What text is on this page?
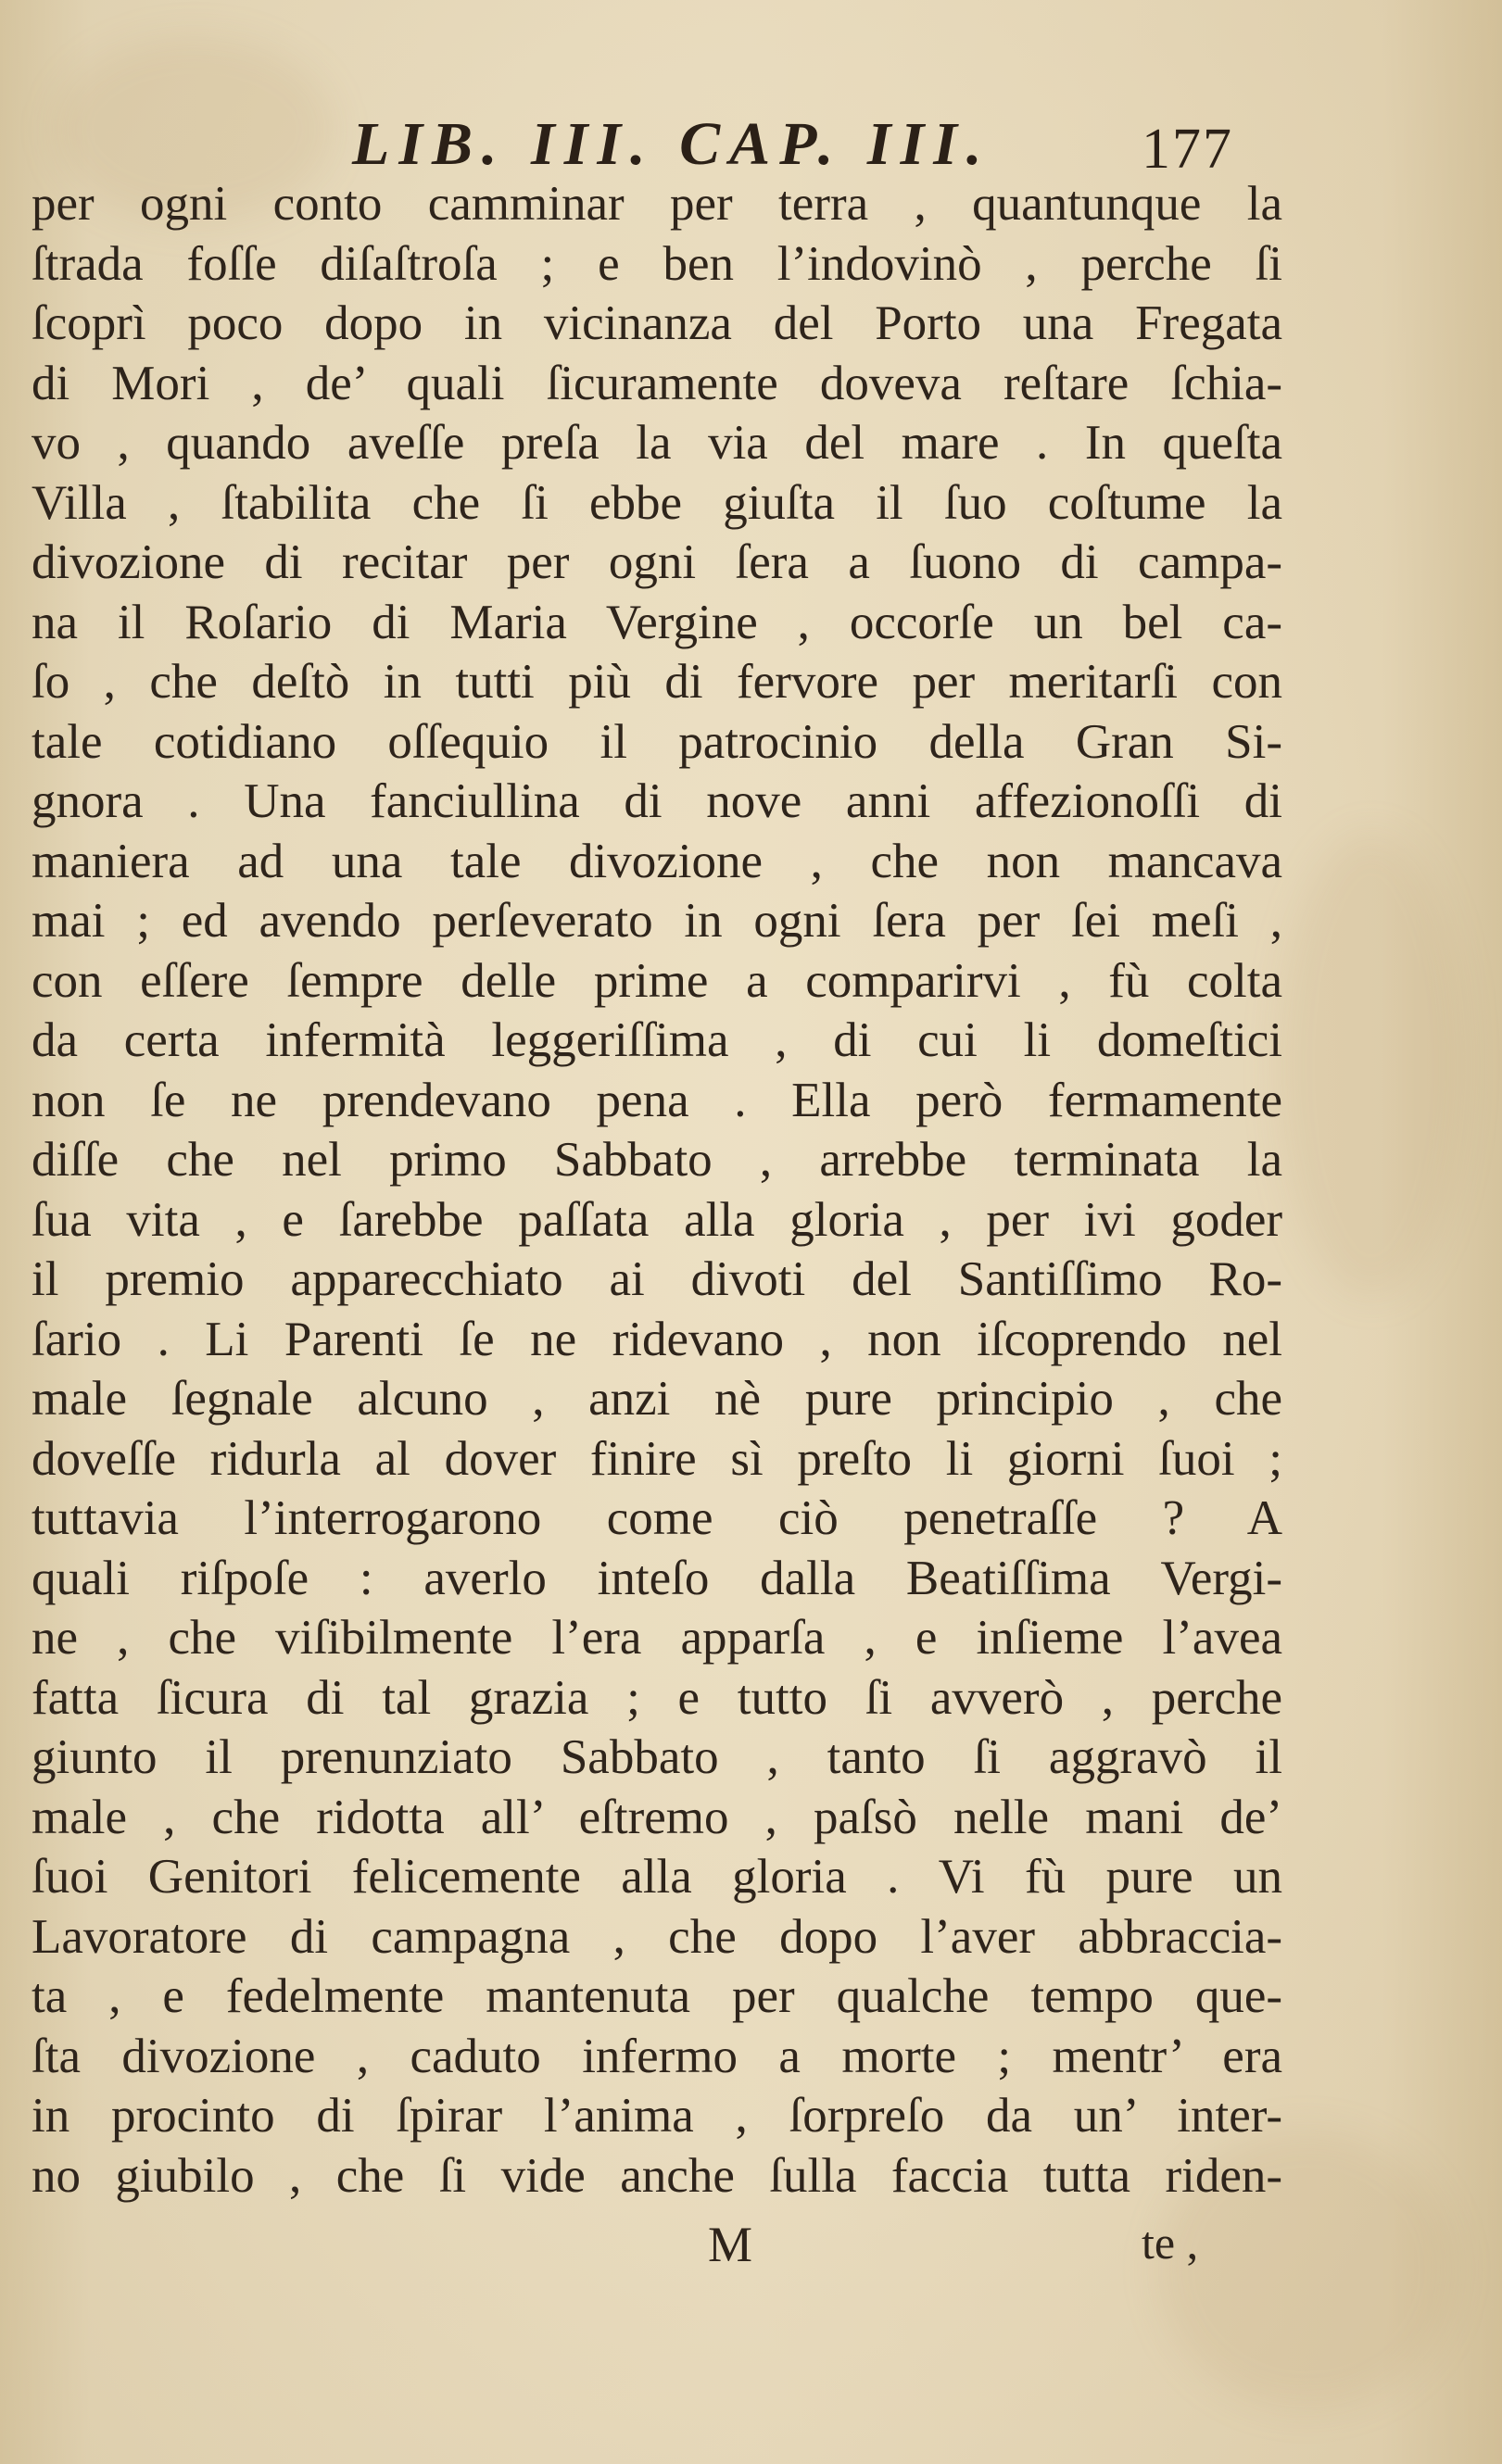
LIB. III. CAP. III.	177
per ogni conto camminar per terra , quantunque la
ſtrada foſſe diſaſtroſa ; e ben l’indovinò , perche ſi
ſcoprì poco dopo in vicinanza del Porto una Fregata
di Mori , de’ quali ſicuramente doveva reſtare ſchia-
vo , quando aveſſe preſa la via del mare . In queſta
Villa , ſtabilita che ſi ebbe giuſta il ſuo coſtume la
divozione di recitar per ogni ſera a ſuono di campa-
na il Roſario di Maria Vergine , occorſe un bel ca-
ſo , che deſtò in tutti più di fervore per meritarſi con
tale cotidiano oſſequio il patrocinio della Gran Si-
gnora . Una fanciullina di nove anni affezionoſſi di
maniera ad una tale divozione , che non mancava
mai ; ed avendo perſeverato in ogni ſera per ſei meſi ,
con eſſere ſempre delle prime a comparirvi , fù colta
da certa infermità leggeriſſima , di cui li domeſtici
non ſe ne prendevano pena . Ella però fermamente
diſſe che nel primo Sabbato , arrebbe terminata la
ſua vita , e ſarebbe paſſata alla gloria , per ivi goder
il premio apparecchiato ai divoti del Santiſſimo Ro-
ſario . Li Parenti ſe ne ridevano , non iſcoprendo nel
male ſegnale alcuno , anzi nè pure principio , che
doveſſe ridurla al dover finire sì preſto li giorni ſuoi ;
tuttavia l’interrogarono come ciò penetraſſe ? A
quali riſpoſe : averlo inteſo dalla Beatiſſima Vergi-
ne , che viſibilmente l’era apparſa , e inſieme l’avea
fatta ſicura di tal grazia ; e tutto ſi avverò , perche
giunto il prenunziato Sabbato , tanto ſi aggravò il
male , che ridotta all’ eſtremo , paſsò nelle mani de’
ſuoi Genitori felicemente alla gloria . Vi fù pure un
Lavoratore di campagna , che dopo l’aver abbraccia-
ta , e fedelmente mantenuta per qualche tempo que-
ſta divozione , caduto infermo a morte ; mentr’ era
in procinto di ſpirar l’anima , ſorpreſo da un’ inter-
no giubilo , che ſi vide anche ſulla faccia tutta riden-
M	te ,
